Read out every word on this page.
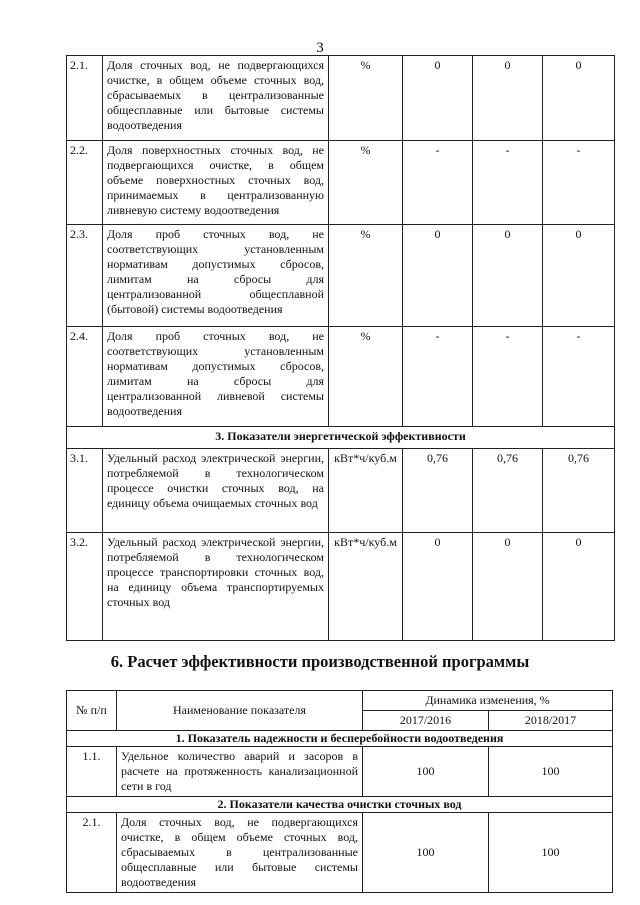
3
2.1.	Доля сточных вод, не подвергающихся очистке, в общем объеме сточных вод, сбрасываемых в централизованные общесплавные или бытовые системы водоотведения	%	0	0	0
2.2.	Доля поверхностных сточных вод, не подвергающихся очистке, в общем объеме поверхностных сточных вод, принимаемых в централизованную ливневую систему водоотведения	%	-	-	-
2.3.	Доля проб сточных вод, не соответствующих установленным нормативам допустимых сбросов, лимитам на сбросы для централизованной общесплавной (бытовой) системы водоотведения	%	0	0	0
2.4.	Доля проб сточных вод, не соответствующих установленным нормативам допустимых сбросов, лимитам на сбросы для централизованной ливневой системы водоотведения	%	-	-	-
3. Показатели энергетической эффективности					
3.1.	Удельный расход электрической энергии, потребляемой в технологическом процессе очистки сточных вод, на единицу объема очищаемых сточных вод	кВт*ч/куб.м	0,76	0,76	0,76
3.2.	Удельный расход электрической энергии, потребляемой в технологическом процессе транспортировки сточных вод, на единицу объема транспортируемых сточных вод	кВт*ч/куб.м	0	0	0
6. Расчет эффективности производственной программы
№ п/п	Наименование показателя	Динамика изменения, %	
		2017/2016	2018/2017
1. Показатель надежности и бесперебойности водоотведения			
1.1.	Удельное количество аварий и засоров в расчете на протяженность канализационной сети в год	100	100
2. Показатели качества очистки сточных вод			
2.1.	Доля сточных вод, не подвергающихся очистке, в общем объеме сточных вод, сбрасываемых в централизованные общесплавные или бытовые системы водоотведения	100	100
